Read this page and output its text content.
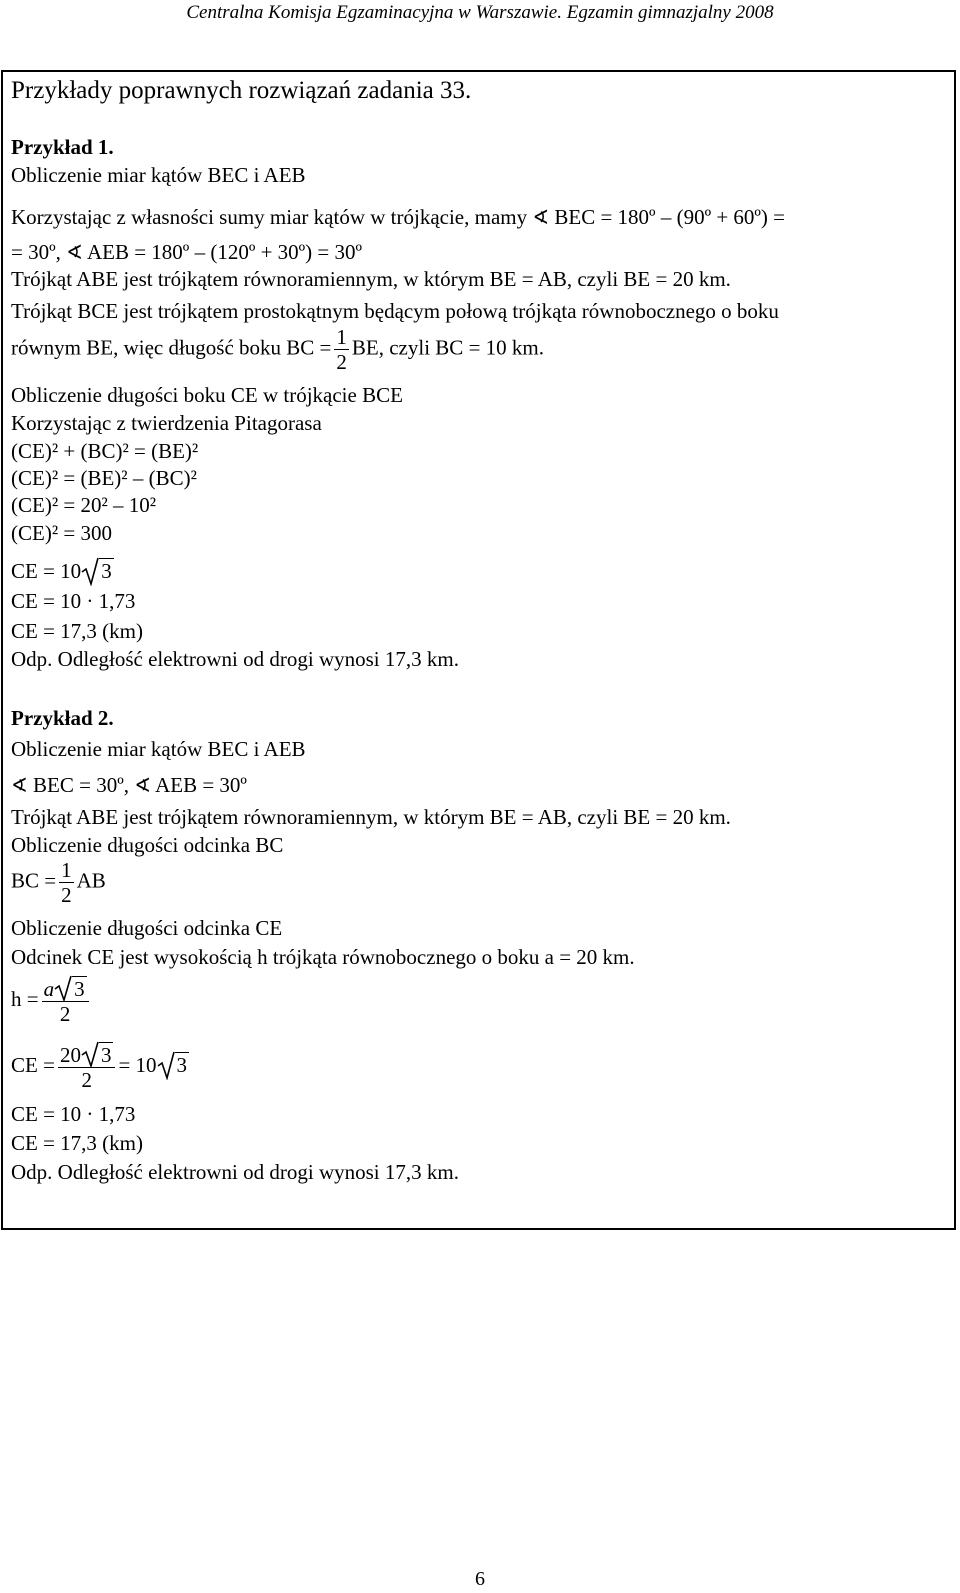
Centralna Komisja Egzaminacyjna w Warszawie. Egzamin gimnazjalny 2008
Przykłady poprawnych rozwiązań zadania 33.
Przykład 1.
Obliczenie miar kątów BEC i AEB
Korzystając z własności sumy miar kątów w trójkącie, mamy ∢ BEC = 180º – (90º + 60º) =
= 30º, ∢ AEB = 180º – (120º + 30º) = 30º
Trójkąt ABE jest trójkątem równoramiennym, w którym BE = AB, czyli BE = 20 km.
Trójkąt BCE jest trójkątem prostokątnym będącym połową trójkąta równobocznego o boku
równym BE, więc długość boku BC = $\frac{1}{2}$ BE, czyli BC = 10 km.
Obliczenie długości boku CE w trójkącie BCE
Korzystając z twierdzenia Pitagorasa
(CE)² + (BC)² = (BE)²
(CE)² = (BE)² – (BC)²
(CE)² = 20² – 10²
(CE)² = 300
CE = 10 3
CE = 10 · 1,73
CE = 17,3 (km)
Odp. Odległość elektrowni od drogi wynosi 17,3 km.
Przykład 2.
Obliczenie miar kątów BEC i AEB
∢ BEC = 30º, ∢ AEB = 30º
Trójkąt ABE jest trójkątem równoramiennym, w którym BE = AB, czyli BE = 20 km.
Obliczenie długości odcinka BC
BC = $\frac{1}{2}$ AB
Obliczenie długości odcinka CE
Odcinek CE jest wysokością h trójkąta równobocznego o boku a = 20 km.
$h = \frac{a 3}{2}$
CE = $\frac{20 3}{2} = 10$ 3
CE = 10 · 1,73
CE = 17,3 (km)
Odp. Odległość elektrowni od drogi wynosi 17,3 km.
6
